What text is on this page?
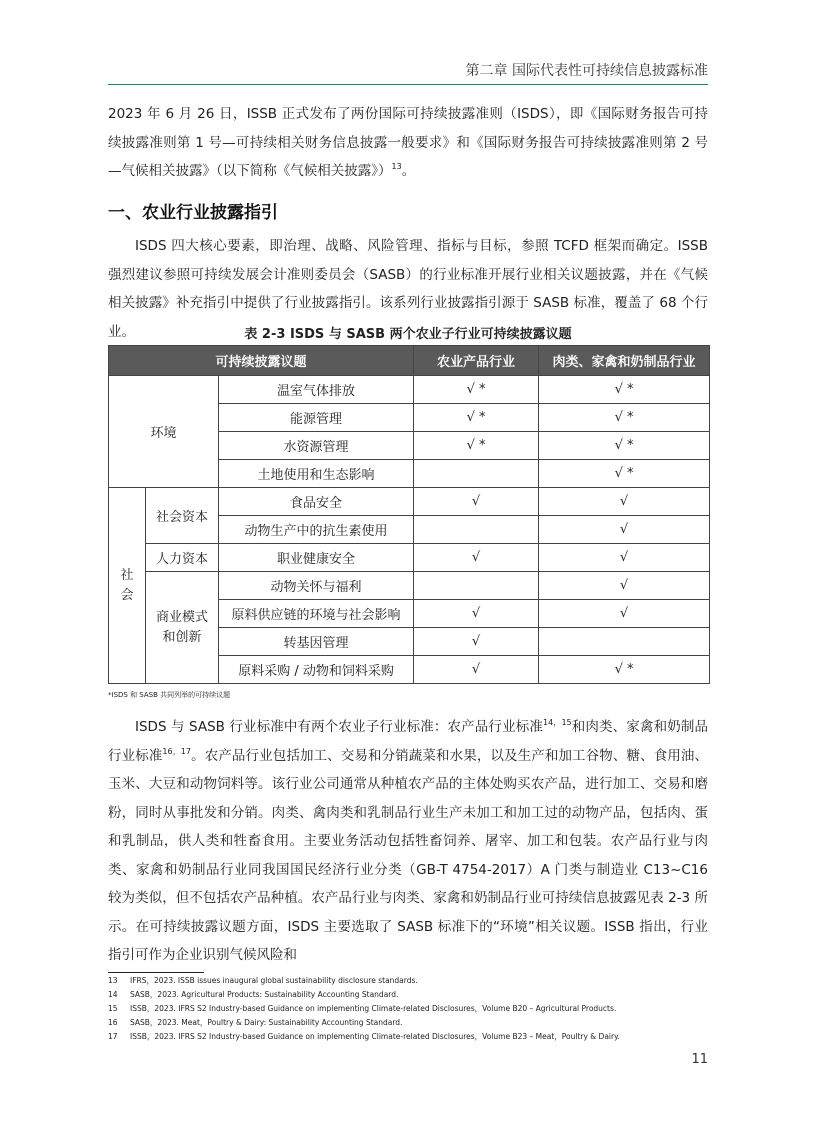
第二章 国际代表性可持续信息披露标准

2023 年 6 月 26 日，ISSB 正式发布了两份国际可持续披露准则（ISDS），即《国际财务报告可持续披露准则第 1 号—可持续相关财务信息披露一般要求》和《国际财务报告可持续披露准则第 2 号—气候相关披露》（以下简称《气候相关披露》）$^{13}$。

一、农业行业披露指引

ISDS 四大核心要素，即治理、战略、风险管理、指标与目标，参照 TCFD 框架而确定。ISSB 强烈建议参照可持续发展会计准则委员会（SASB）的行业标准开展行业相关议题披露，并在《气候相关披露》补充指引中提供了行业披露指引。该系列行业披露指引源于 SASB 标准，覆盖了 68 个行业。	表 2-3 ISDS 与 SASB 两个农业子行业可持续披露议题
可持续披露议题			农业产品行业	肉类、家禽和奶制品行业
环境		温室气体排放	√ *	√ *
		能源管理	√ *	√ *
		水资源管理	√ *	√ *
		土地使用和生态影响		√ *
社会	社会资本	食品安全	√	√
		动物生产中的抗生素使用		√
	人力资本	职业健康安全	√	√
	商业模式和创新	动物关怀与福利		√
		原料供应链的环境与社会影响	√	√
		转基因管理	√	
		原料采购 / 动物和饲料采购	√	√ *
*ISDS 和 SASB 共同列举的可持续议题

ISDS 与 SASB 行业标准中有两个农业子行业标准：农产品行业标准$^{14,15}$和肉类、家禽和奶制品行业标准$^{16,17}$。农产品行业包括加工、交易和分销蔬菜和水果，以及生产和加工谷物、糖、食用油、玉米、大豆和动物饲料等。该行业公司通常从种植农产品的主体处购买农产品，进行加工、交易和磨粉，同时从事批发和分销。肉类、禽肉类和乳制品行业生产未加工和加工过的动物产品，包括肉、蛋和乳制品，供人类和牲畜食用。主要业务活动包括牲畜饲养、屠宰、加工和包装。农产品行业与肉类、家禽和奶制品行业同我国国民经济行业分类（GB-T 4754-2017）A 门类与制造业 C13~C16 较为类似，但不包括农产品种植。农产品行业与肉类、家禽和奶制品行业可持续信息披露见表 2-3 所示。在可持续披露议题方面，ISDS 主要选取了 SASB 标准下的“环境”相关议题。ISSB 指出，行业指引可作为企业识别气候风险和

13 IFRS，2023. ISSB issues inaugural global sustainability disclosure standards.

14 SASB，2023. Agricultural Products: Sustainability Accounting Standard.

15 ISSB，2023. IFRS S2 Industry-based Guidance on implementing Climate-related Disclosures，Volume B20 – Agricultural Products.

16 SASB，2023. Meat，Poultry & Dairy: Sustainability Accounting Standard.

17 ISSB，2023. IFRS S2 Industry-based Guidance on implementing Climate-related Disclosures，Volume B23 – Meat，Poultry & Dairy.

11
